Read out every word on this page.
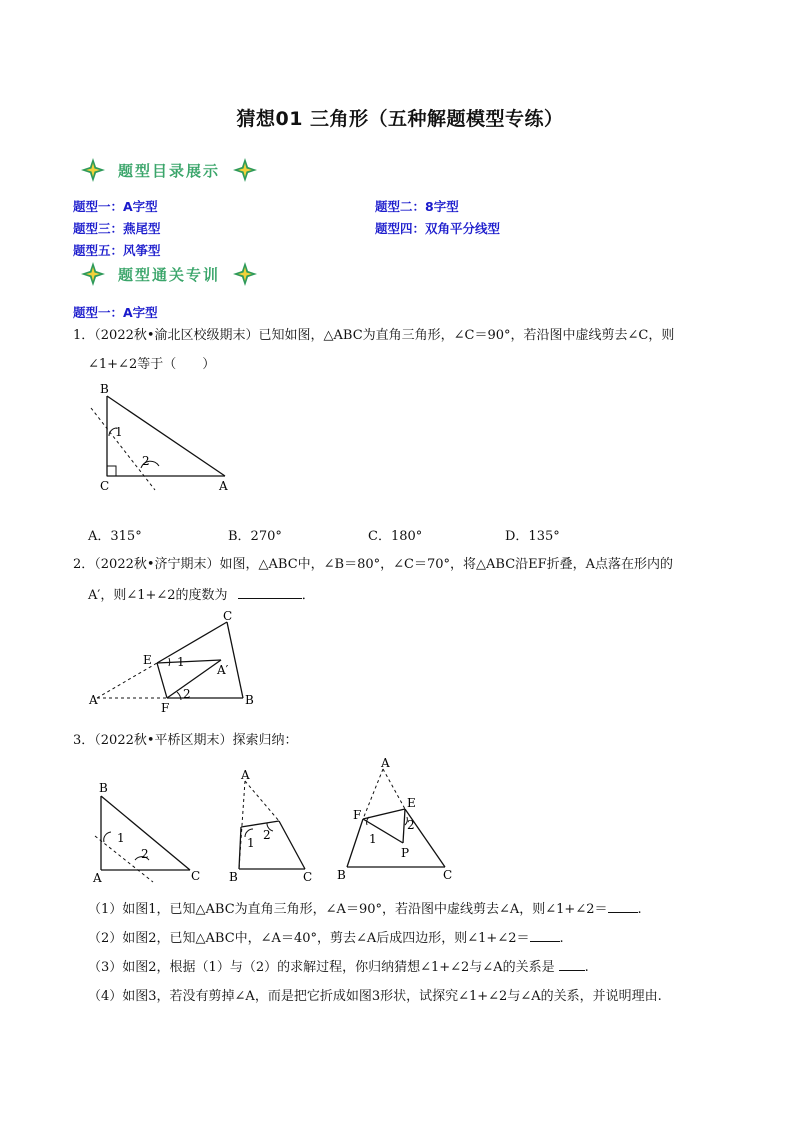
猜想01 三角形（五种解题模型专练）
题型目录展示
题型一：A字型	题型二：8字型
题型三：燕尾型	题型四：双角平分线型
题型五：风筝型
题型通关专训
题型一：A字型
1．（2022秋•渝北区校级期末）已知如图，△ABC为直角三角形，∠C＝90°，若沿图中虚线剪去∠C，则
∠1+∠2等于（　　）
B
C	A
1
2
A．315°	B．270°	C．180°	D．135°
2．（2022秋•济宁期末）如图，△ABC中，∠B＝80°，∠C＝70°，将△ABC沿EF折叠，A点落在形内的
A′，则∠1+∠2的度数为	．
C
E
A′
A
F
B
1
2
3．（2022秋•平桥区期末）探索归纳：
B
A	C
1
2
A
B	C
1
2
A
E
F
B	C
P
1
2
（1）如图1，已知△ABC为直角三角形，∠A＝90°，若沿图中虚线剪去∠A，则∠1+∠2＝ .
（2）如图2，已知△ABC中，∠A＝40°，剪去∠A后成四边形，则∠1+∠2＝ .
（3）如图2，根据（1）与（2）的求解过程，你归纳猜想∠1+∠2与∠A的关系是 .
（4）如图3，若没有剪掉∠A，而是把它折成如图3形状，试探究∠1+∠2与∠A的关系，并说明理由.
